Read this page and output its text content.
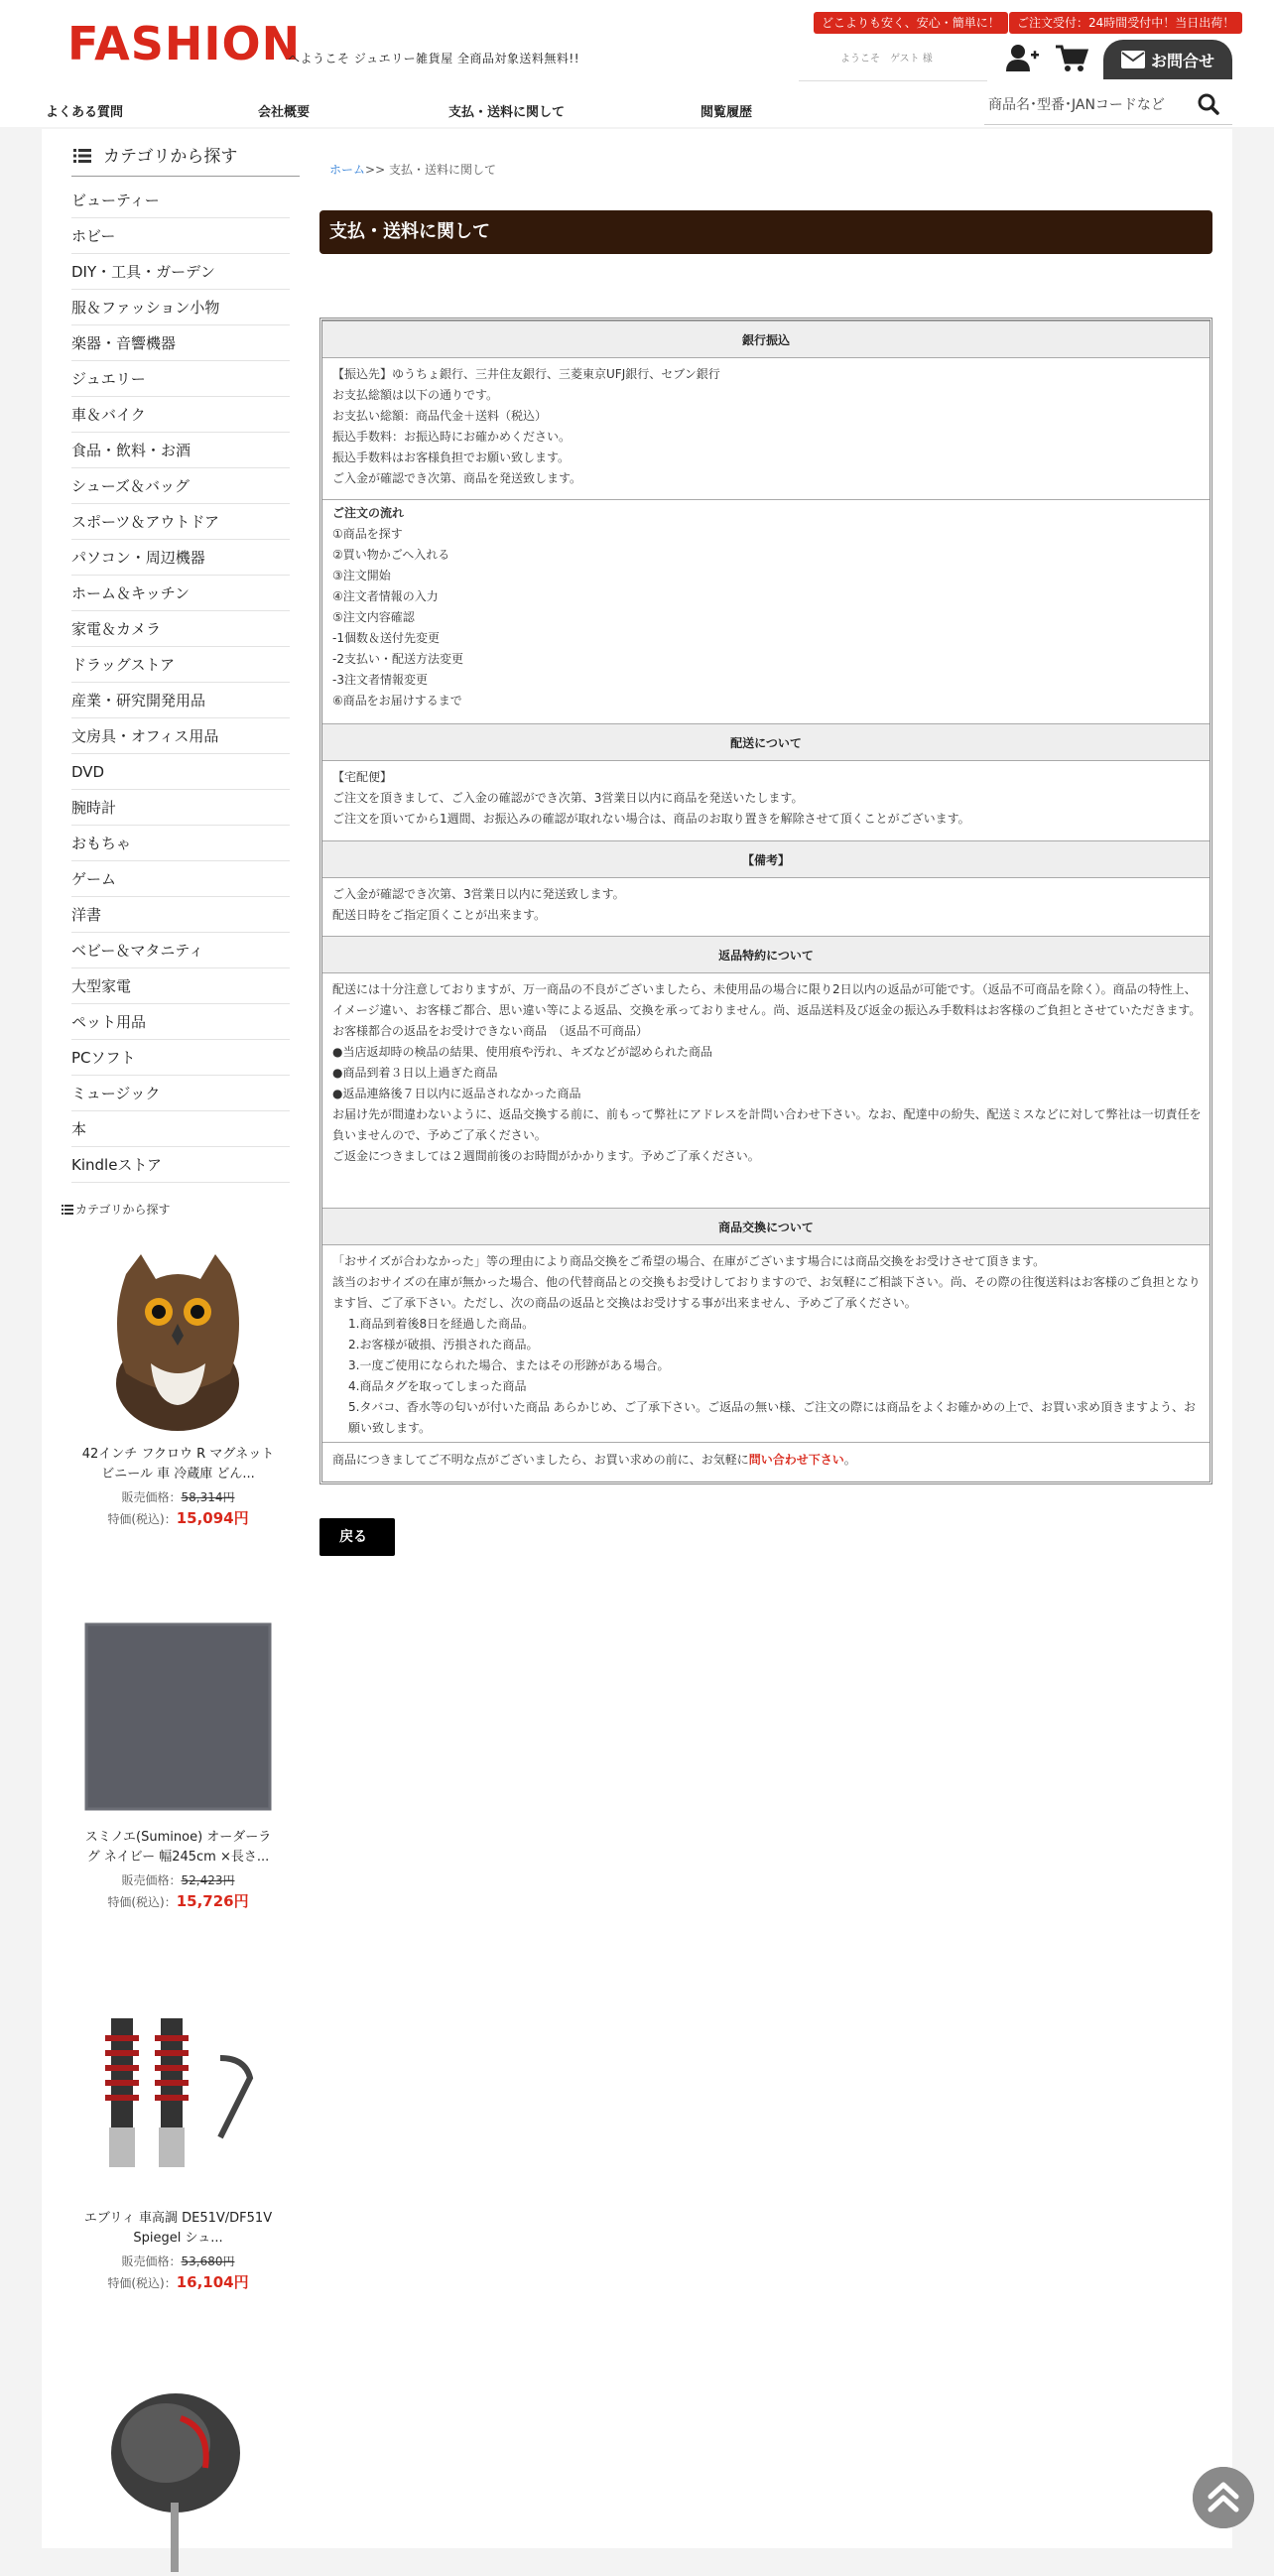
FASHION
へようこそ ジュエリー雑貨屋 全商品対象送料無料!!
どこよりも安く、安心・簡単に！	ご注文受付：24時間受付中！当日出荷！
ようこそ　ゲスト 様	お問合せ
よくある質問	会社概要	支払・送料に関して	閲覧履歴
商品名･型番･JANコードなど
カテゴリから探す
ビューティー
ホビー
DIY・工具・ガーデン
服＆ファッション小物
楽器・音響機器
ジュエリー
車＆バイク
食品・飲料・お酒
シューズ＆バッグ
スポーツ＆アウトドア
パソコン・周辺機器
ホーム＆キッチン
家電＆カメラ
ドラッグストア
産業・研究開発用品
文房具・オフィス用品
DVD
腕時計
おもちゃ
ゲーム
洋書
ベビー＆マタニティ
大型家電
ペット用品
PCソフト
ミュージック
本
Kindleストア
カテゴリから探す
42インチ フクロウ R マグネット ビニール 車 冷蔵庫 どん...
販売価格：58,314円
特価(税込)：15,094円
スミノエ(Suminoe) オーダーラグ ネイビー 幅245cm ×長さ...
販売価格：52,423円
特価(税込)：15,726円
エブリィ 車高調 DE51V/DF51V Spiegel シュ...
販売価格：53,680円
特価(税込)：16,104円
ホーム>> 支払・送料に関して
支払・送料に関して
銀行振込

【振込先】ゆうちょ銀行、三井住友銀行、三菱東京UFJ銀行、セブン銀行

お支払総額は以下の通りです。

お支払い総額：商品代金＋送料（税込）

振込手数料：お振込時にお確かめください。

振込手数料はお客様負担でお願い致します。

ご入金が確認でき次第、商品を発送致します。

ご注文の流れ

①商品を探す

②買い物かごへ入れる

③注文開始

④注文者情報の入力

⑤注文内容確認

-1個数＆送付先変更

-2支払い・配送方法変更

-3注文者情報変更

⑥商品をお届けするまで

配送について

【宅配便】

ご注文を頂きまして、ご入金の確認ができ次第、3営業日以内に商品を発送いたします。

ご注文を頂いてから1週間、お振込みの確認が取れない場合は、商品のお取り置きを解除させて頂くことがございます。

【備考】

ご入金が確認でき次第、3営業日以内に発送致します。

配送日時をご指定頂くことが出来ます。

返品特約について

配送には十分注意しておりますが、万一商品の不良がございましたら、未使用品の場合に限り2日以内の返品が可能です。（返品不可商品を除く）。商品の特性上、イメージ違い、お客様ご都合、思い違い等による返品、交換を承っておりません。尚、返品送料及び返金の振込み手数料はお客様のご負担とさせていただきます。

お客様都合の返品をお受けできない商品　（返品不可商品）

●当店返却時の検品の結果、使用痕や汚れ、キズなどが認められた商品

●商品到着３日以上過ぎた商品

●返品連絡後７日以内に返品されなかった商品

お届け先が間違わないように、返品交換する前に、前もって弊社にアドレスを計問い合わせ下さい。なお、配達中の紛失、配送ミスなどに対して弊社は一切責任を負いませんので、予めご了承ください。

ご返金につきましては２週間前後のお時間がかかります。予めご了承ください。

商品交換について

「おサイズが合わなかった」等の理由により商品交換をご希望の場合、在庫がございます場合には商品交換をお受けさせて頂きます。

該当のおサイズの在庫が無かった場合、他の代替商品との交換もお受けしておりますので、お気軽にご相談下さい。尚、その際の往復送料はお客様のご負担となります旨、ご了承下さい。ただし、次の商品の返品と交換はお受けする事が出来ません、予めご了承ください。

1.商品到着後8日を経過した商品。

2.お客様が破損、汚損された商品。

3.一度ご使用になられた場合、またはその形跡がある場合。

4.商品タグを取ってしまった商品

5.タバコ、香水等の匂いが付いた商品 あらかじめ、ご了承下さい。ご返品の無い様、ご注文の際には商品をよくお確かめの上で、お買い求め頂きますよう、お願い致します。

商品につきましてご不明な点がございましたら、お買い求めの前に、お気軽に問い合わせ下さい。

戻る
